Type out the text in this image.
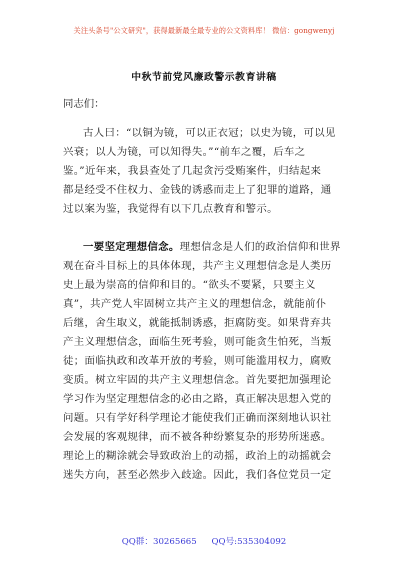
关注头条号"公文研究"，获得最新最全最专业的公文资料库！ 微信：gongwenyj
中秋节前党风廉政警示教育讲稿
同志们：
古人曰：“以铜为镜，可以正衣冠；以史为镜，可以见
兴衰；以人为镜，可以知得失。”“前车之覆，后车之
鉴。”近年来，我县查处了几起贪污受贿案件，归结起来
都是经受不住权力、金钱的诱惑而走上了犯罪的道路，通
过以案为鉴，我觉得有以下几点教育和警示。
一要坚定理想信念。理想信念是人们的政治信仰和世界
观在奋斗目标上的具体体现，共产主义理想信念是人类历
史上最为崇高的信仰和目的。“欲头不要紧，只要主义
真”，共产党人牢固树立共产主义的理想信念，就能前仆
后继，舍生取义，就能抵制诱惑，拒腐防变。如果背弃共
产主义理想信念，面临生死考验，则可能贪生怕死，当叛
徒；面临执政和改革开放的考验，则可能滥用权力，腐败
变质。树立牢固的共产主义理想信念。首先要把加强理论
学习作为坚定理想信念的必由之路，真正解决思想入党的
问题。只有学好科学理论才能使我们正确而深刻地认识社
会发展的客观规律，而不被各种纷繁复杂的形势所迷惑。
理论上的糊涂就会导致政治上的动摇，政治上的动摇就会
迷失方向，甚至必然步入歧途。因此，我们各位党员一定
QQ群：30265665 QQ号:535304092
